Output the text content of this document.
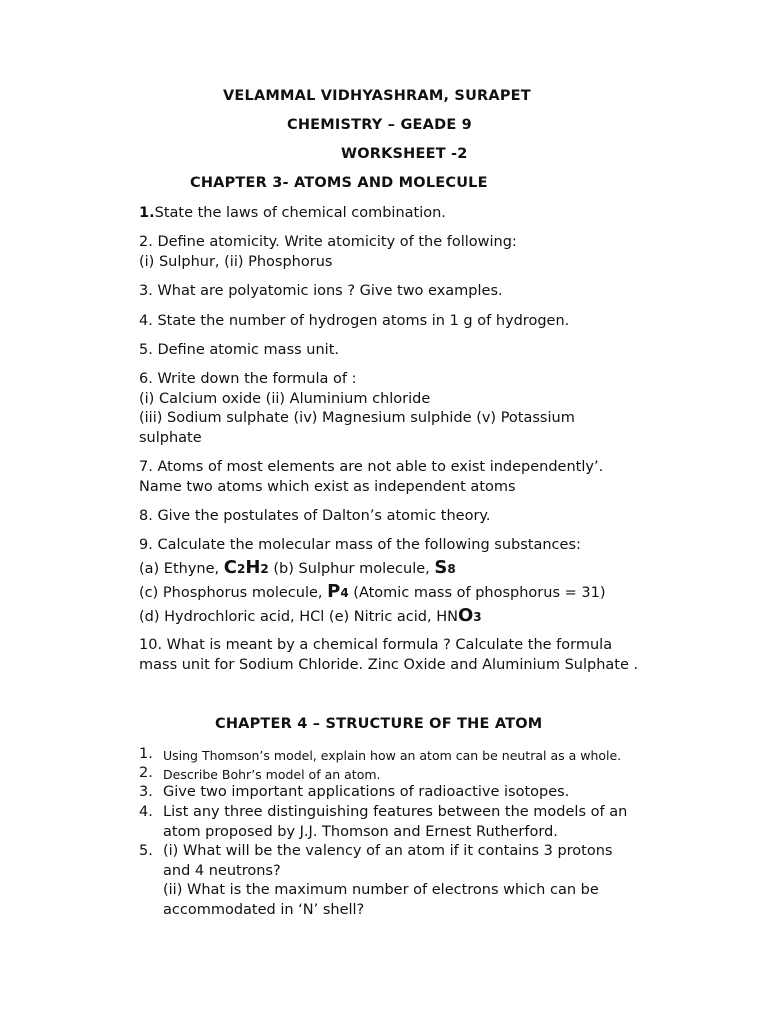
VELAMMAL VIDHYASHRAM, SURAPET
CHEMISTRY – GEADE 9
WORKSHEET -2
CHAPTER 3- ATOMS AND MOLECULE
1.State the laws of chemical combination.
2. Define atomicity. Write atomicity of the following:
(i) Sulphur, (ii) Phosphorus
3. What are polyatomic ions ? Give two examples.
4. State the number of hydrogen atoms in 1 g of hydrogen.
5. Define atomic mass unit.
6. Write down the formula of :
(i) Calcium oxide (ii) Aluminium chloride
(iii) Sodium sulphate (iv) Magnesium sulphide (v) Potassium
sulphate
7. Atoms of most elements are not able to exist independently’.
Name two atoms which exist as independent atoms
8. Give the postulates of Dalton’s atomic theory.
9. Calculate the molecular mass of the following substances:
(a) Ethyne, C2H2 (b) Sulphur molecule, S8
(c) Phosphorus molecule, P4 (Atomic mass of phosphorus = 31)
(d) Hydrochloric acid, HCl (e) Nitric acid, HNO3
10. What is meant by a chemical formula ? Calculate the formula
mass unit for Sodium Chloride. Zinc Oxide and Aluminium Sulphate .
CHAPTER 4 – STRUCTURE OF THE ATOM
1. Using Thomson’s model, explain how an atom can be neutral as a whole.
2. Describe Bohr’s model of an atom.
3. Give two important applications of radioactive isotopes.
4. List any three distinguishing features between the models of an
atom proposed by J.J. Thomson and Ernest Rutherford.
5. (i) What will be the valency of an atom if it contains 3 protons
and 4 neutrons?
(ii) What is the maximum number of electrons which can be
accommodated in ‘N’ shell?
